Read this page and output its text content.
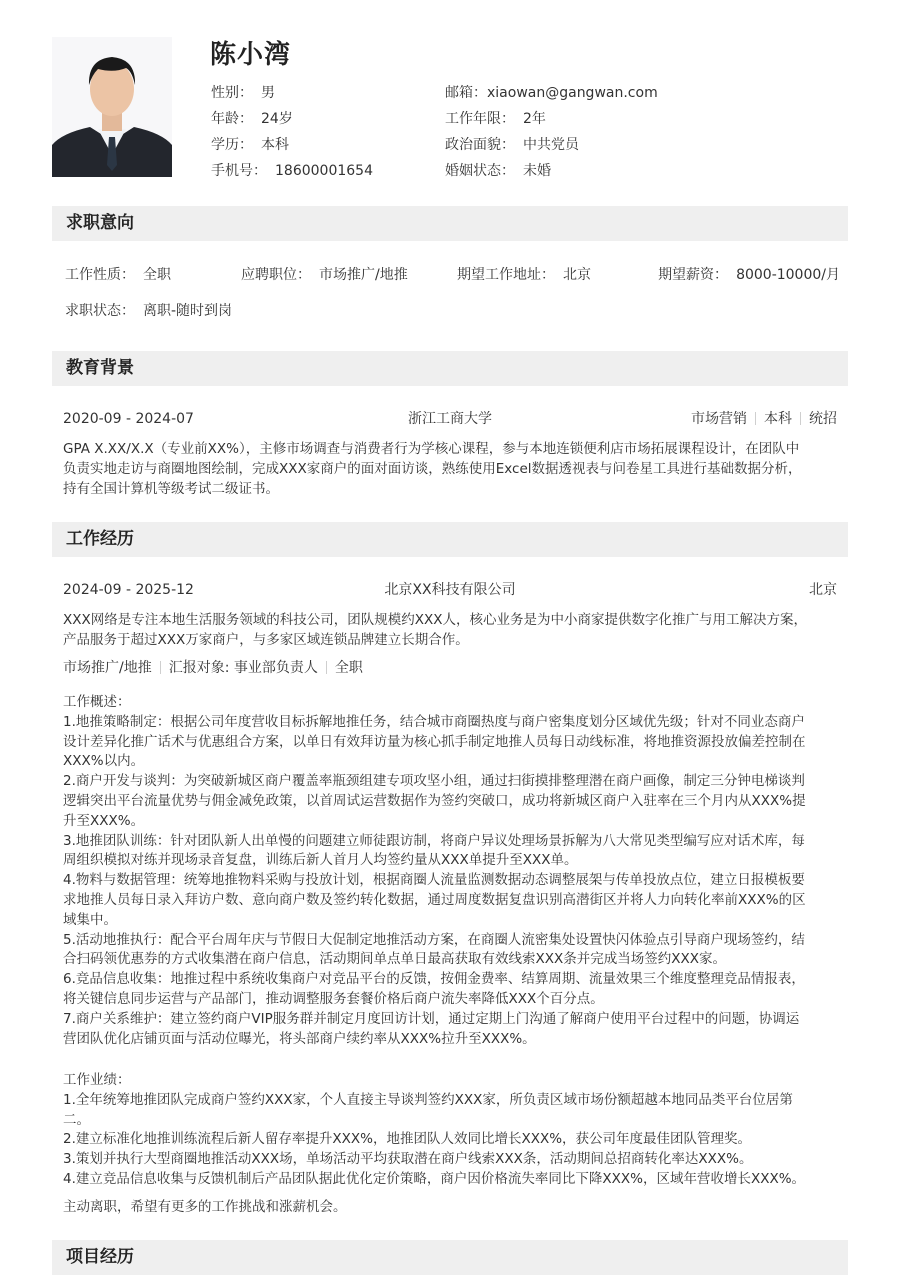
陈小湾
性别： 男
年龄： 24岁
学历： 本科
手机号： 18600001654
邮箱：xiaowan@gangwan.com
工作年限： 2年
政治面貌： 中共党员
婚姻状态： 未婚
求职意向
工作性质： 全职	应聘职位： 市场推广/地推	期望工作地址： 北京	期望薪资： 8000-10000/月
求职状态： 离职-随时到岗
教育背景
2020-09 - 2024-07	浙江工商大学	市场营销 本科 统招
GPA X.XX/X.X（专业前XX%），主修市场调查与消费者行为学核心课程，参与本地连锁便利店市场拓展课程设计，在团队中
负责实地走访与商圈地图绘制，完成XXX家商户的面对面访谈，熟练使用Excel数据透视表与问卷星工具进行基础数据分析，
持有全国计算机等级考试二级证书。
工作经历
2024-09 - 2025-12	北京XX科技有限公司	北京
XXX网络是专注本地生活服务领域的科技公司，团队规模约XXX人，核心业务是为中小商家提供数字化推广与用工解决方案，
产品服务于超过XXX万家商户，与多家区域连锁品牌建立长期合作。
市场推广/地推 汇报对象: 事业部负责人 全职
工作概述：
1.地推策略制定：根据公司年度营收目标拆解地推任务，结合城市商圈热度与商户密集度划分区域优先级；针对不同业态商户
设计差异化推广话术与优惠组合方案，以单日有效拜访量为核心抓手制定地推人员每日动线标准，将地推资源投放偏差控制在
XXX%以内。
2.商户开发与谈判：为突破新城区商户覆盖率瓶颈组建专项攻坚小组，通过扫街摸排整理潜在商户画像，制定三分钟电梯谈判
逻辑突出平台流量优势与佣金减免政策，以首周试运营数据作为签约突破口，成功将新城区商户入驻率在三个月内从XXX%提
升至XXX%。
3.地推团队训练：针对团队新人出单慢的问题建立师徒跟访制，将商户异议处理场景拆解为八大常见类型编写应对话术库，每
周组织模拟对练并现场录音复盘，训练后新人首月人均签约量从XXX单提升至XXX单。
4.物料与数据管理：统筹地推物料采购与投放计划，根据商圈人流量监测数据动态调整展架与传单投放点位，建立日报模板要
求地推人员每日录入拜访户数、意向商户数及签约转化数据，通过周度数据复盘识别高潜街区并将人力向转化率前XXX%的区
域集中。
5.活动地推执行：配合平台周年庆与节假日大促制定地推活动方案，在商圈人流密集处设置快闪体验点引导商户现场签约，结
合扫码领优惠券的方式收集潜在商户信息，活动期间单点单日最高获取有效线索XXX条并完成当场签约XXX家。
6.竞品信息收集：地推过程中系统收集商户对竞品平台的反馈，按佣金费率、结算周期、流量效果三个维度整理竞品情报表，
将关键信息同步运营与产品部门，推动调整服务套餐价格后商户流失率降低XXX个百分点。
7.商户关系维护：建立签约商户VIP服务群并制定月度回访计划，通过定期上门沟通了解商户使用平台过程中的问题，协调运
营团队优化店铺页面与活动位曝光，将头部商户续约率从XXX%拉升至XXX%。
工作业绩：
1.全年统筹地推团队完成商户签约XXX家，个人直接主导谈判签约XXX家，所负责区域市场份额超越本地同品类平台位居第
二。
2.建立标准化地推训练流程后新人留存率提升XXX%，地推团队人效同比增长XXX%，获公司年度最佳团队管理奖。
3.策划并执行大型商圈地推活动XXX场，单场活动平均获取潜在商户线索XXX条，活动期间总招商转化率达XXX%。
4.建立竞品信息收集与反馈机制后产品团队据此优化定价策略，商户因价格流失率同比下降XXX%，区域年营收增长XXX%。
主动离职，希望有更多的工作挑战和涨薪机会。
项目经历
